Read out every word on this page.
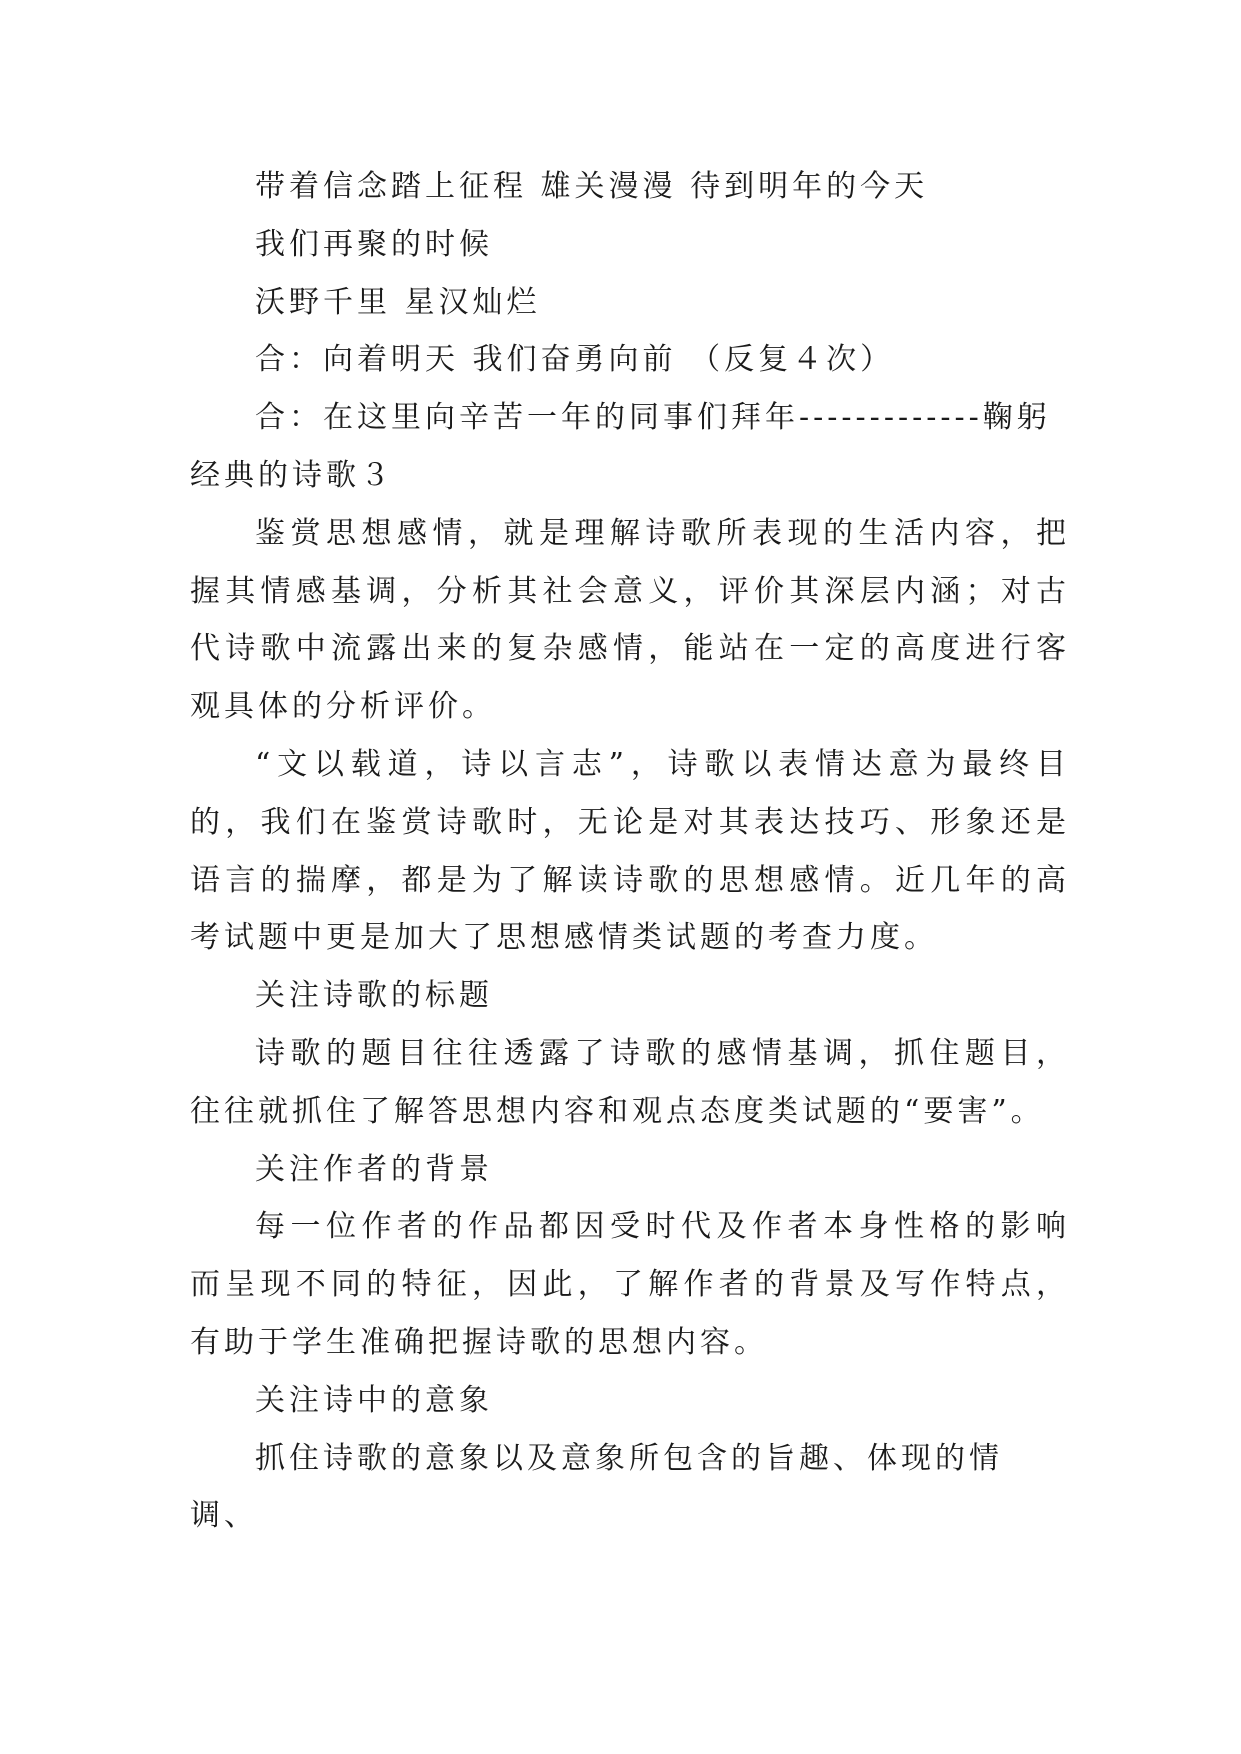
带着信念踏上征程 雄关漫漫 待到明年的今天

我们再聚的时候

沃野千里 星汉灿烂

合：向着明天 我们奋勇向前 （反复４次）

合：在这里向辛苦一年的同事们拜年-------------鞠躬

经典的诗歌３

鉴赏思想感情，就是理解诗歌所表现的生活内容，把握其情感基调，分析其社会意义，评价其深层内涵；对古代诗歌中流露出来的复杂感情，能站在一定的高度进行客观具体的分析评价。

“文以载道，诗以言志”，诗歌以表情达意为最终目的，我们在鉴赏诗歌时，无论是对其表达技巧、形象还是语言的揣摩，都是为了解读诗歌的思想感情。近几年的高考试题中更是加大了思想感情类试题的考查力度。

关注诗歌的标题

诗歌的题目往往透露了诗歌的感情基调，抓住题目，往往就抓住了解答思想内容和观点态度类试题的“要害”。

关注作者的背景

每一位作者的作品都因受时代及作者本身性格的影响而呈现不同的特征，因此，了解作者的背景及写作特点，有助于学生准确把握诗歌的思想内容。

关注诗中的意象

抓住诗歌的意象以及意象所包含的旨趣、体现的情调、
